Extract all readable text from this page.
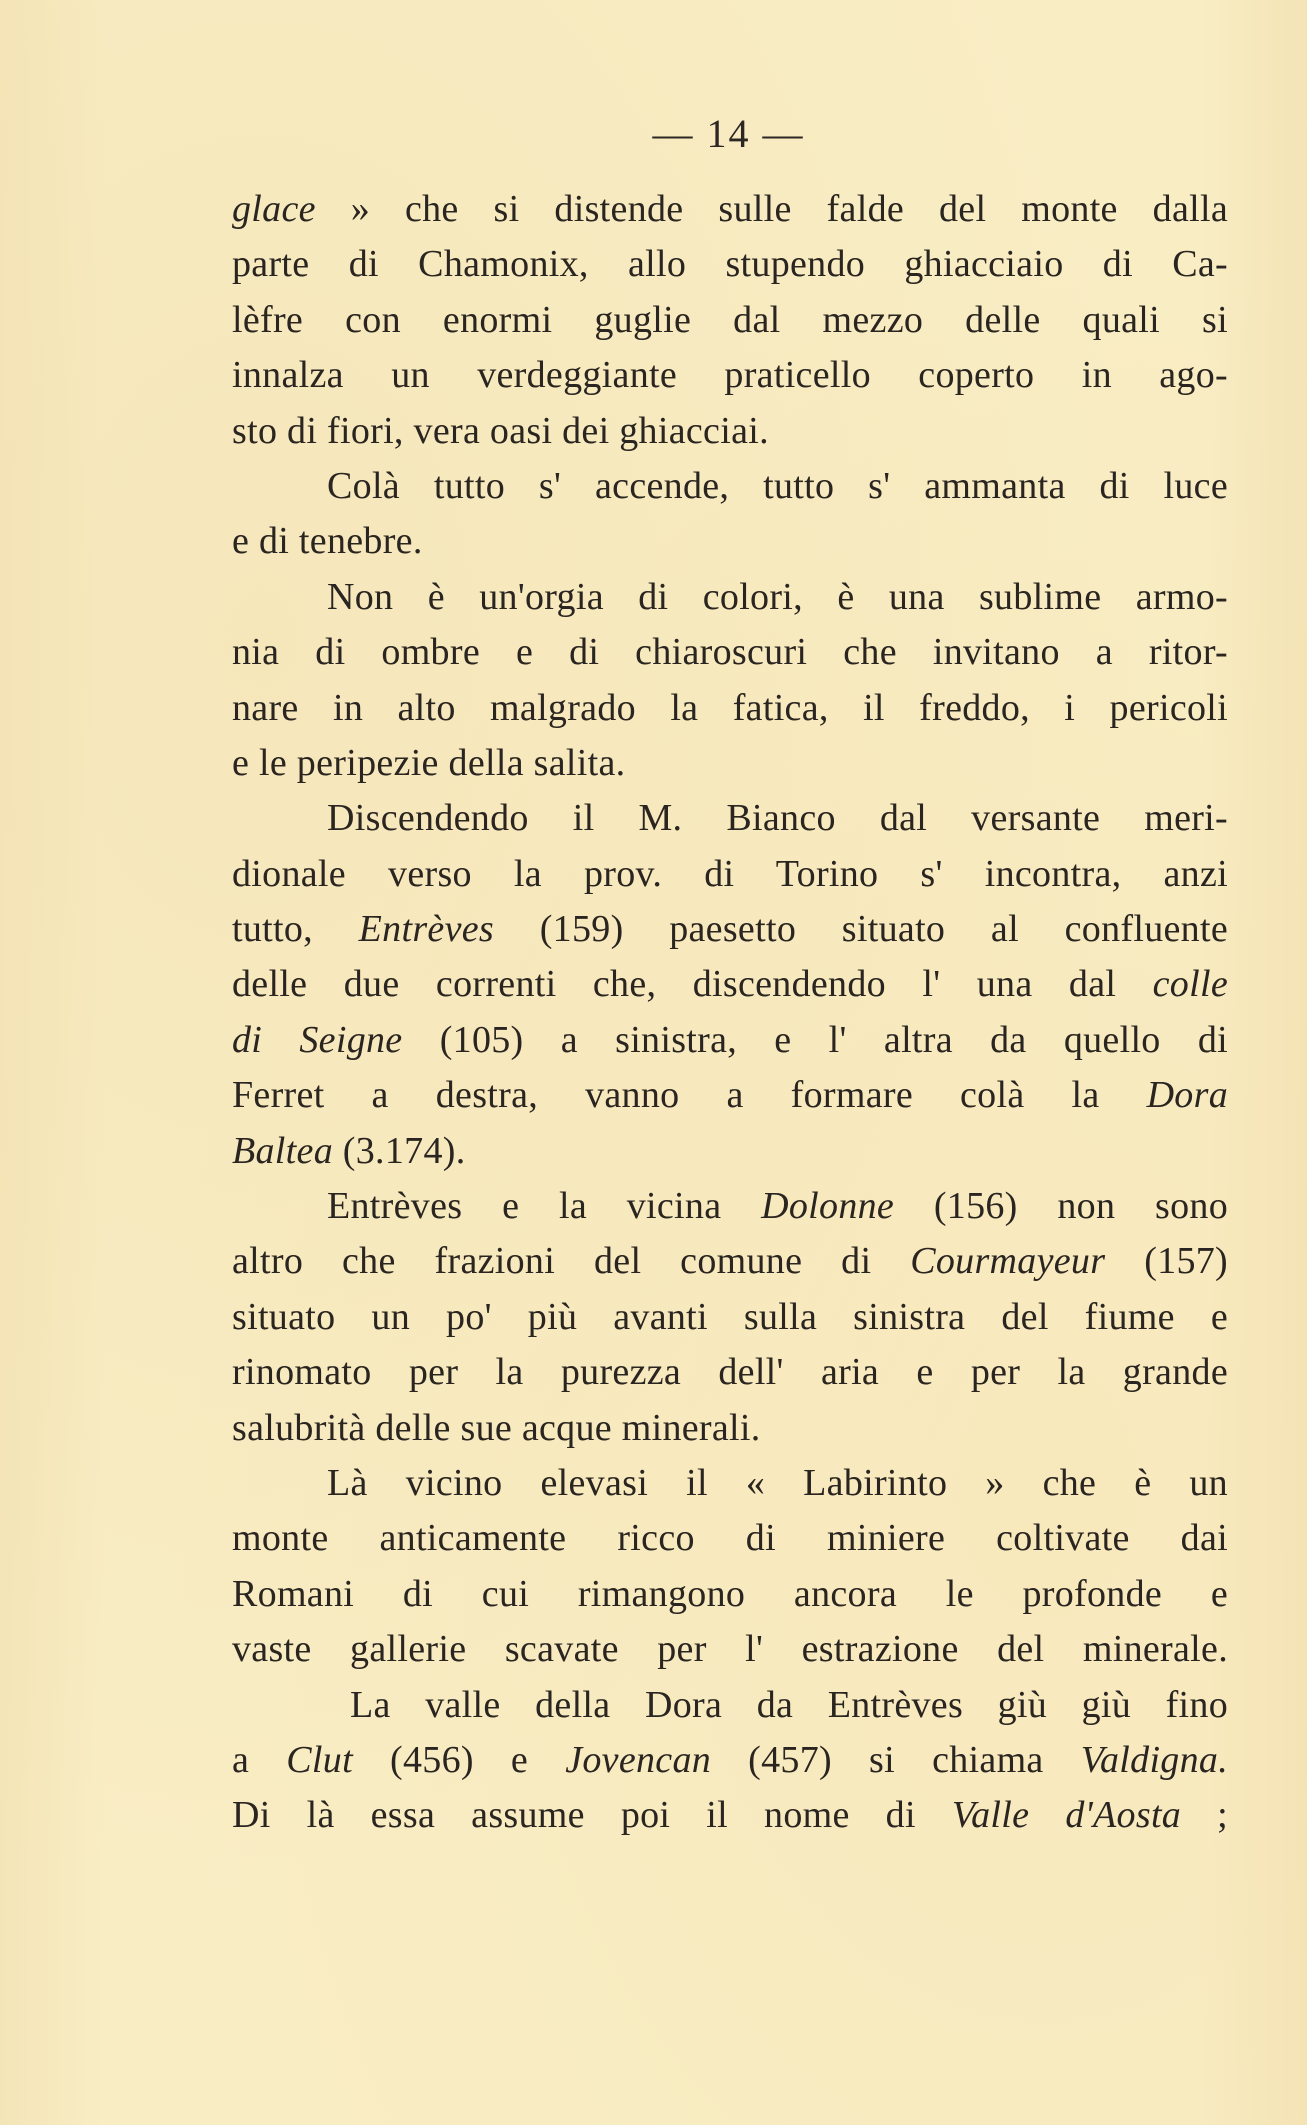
— 14 —
glace » che si distende sulle falde del monte dalla
parte di Chamonix, allo stupendo ghiacciaio di Ca-
lèfre con enormi guglie dal mezzo delle quali si
innalza un verdeggiante praticello coperto in ago-
sto di fiori, vera oasi dei ghiacciai.
Colà tutto s' accende, tutto s' ammanta di luce
e di tenebre.
Non è un'orgia di colori, è una sublime armo-
nia di ombre e di chiaroscuri che invitano a ritor-
nare in alto malgrado la fatica, il freddo, i pericoli
e le peripezie della salita.
Discendendo il M. Bianco dal versante meri-
dionale verso la prov. di Torino s' incontra, anzi
tutto, Entrèves (159) paesetto situato al confluente
delle due correnti che, discendendo l' una dal colle
di Seigne (105) a sinistra, e l' altra da quello di
Ferret a destra, vanno a formare colà la Dora
Baltea (3.174).
Entrèves e la vicina Dolonne (156) non sono
altro che frazioni del comune di Courmayeur (157)
situato un po' più avanti sulla sinistra del fiume e
rinomato per la purezza dell' aria e per la grande
salubrità delle sue acque minerali.
Là vicino elevasi il « Labirinto » che è un
monte anticamente ricco di miniere coltivate dai
Romani di cui rimangono ancora le profonde e
vaste gallerie scavate per l' estrazione del minerale.
La valle della Dora da Entrèves giù giù fino
a Clut (456) e Jovencan (457) si chiama Valdigna.
Di là essa assume poi il nome di Valle d'Aosta ;
